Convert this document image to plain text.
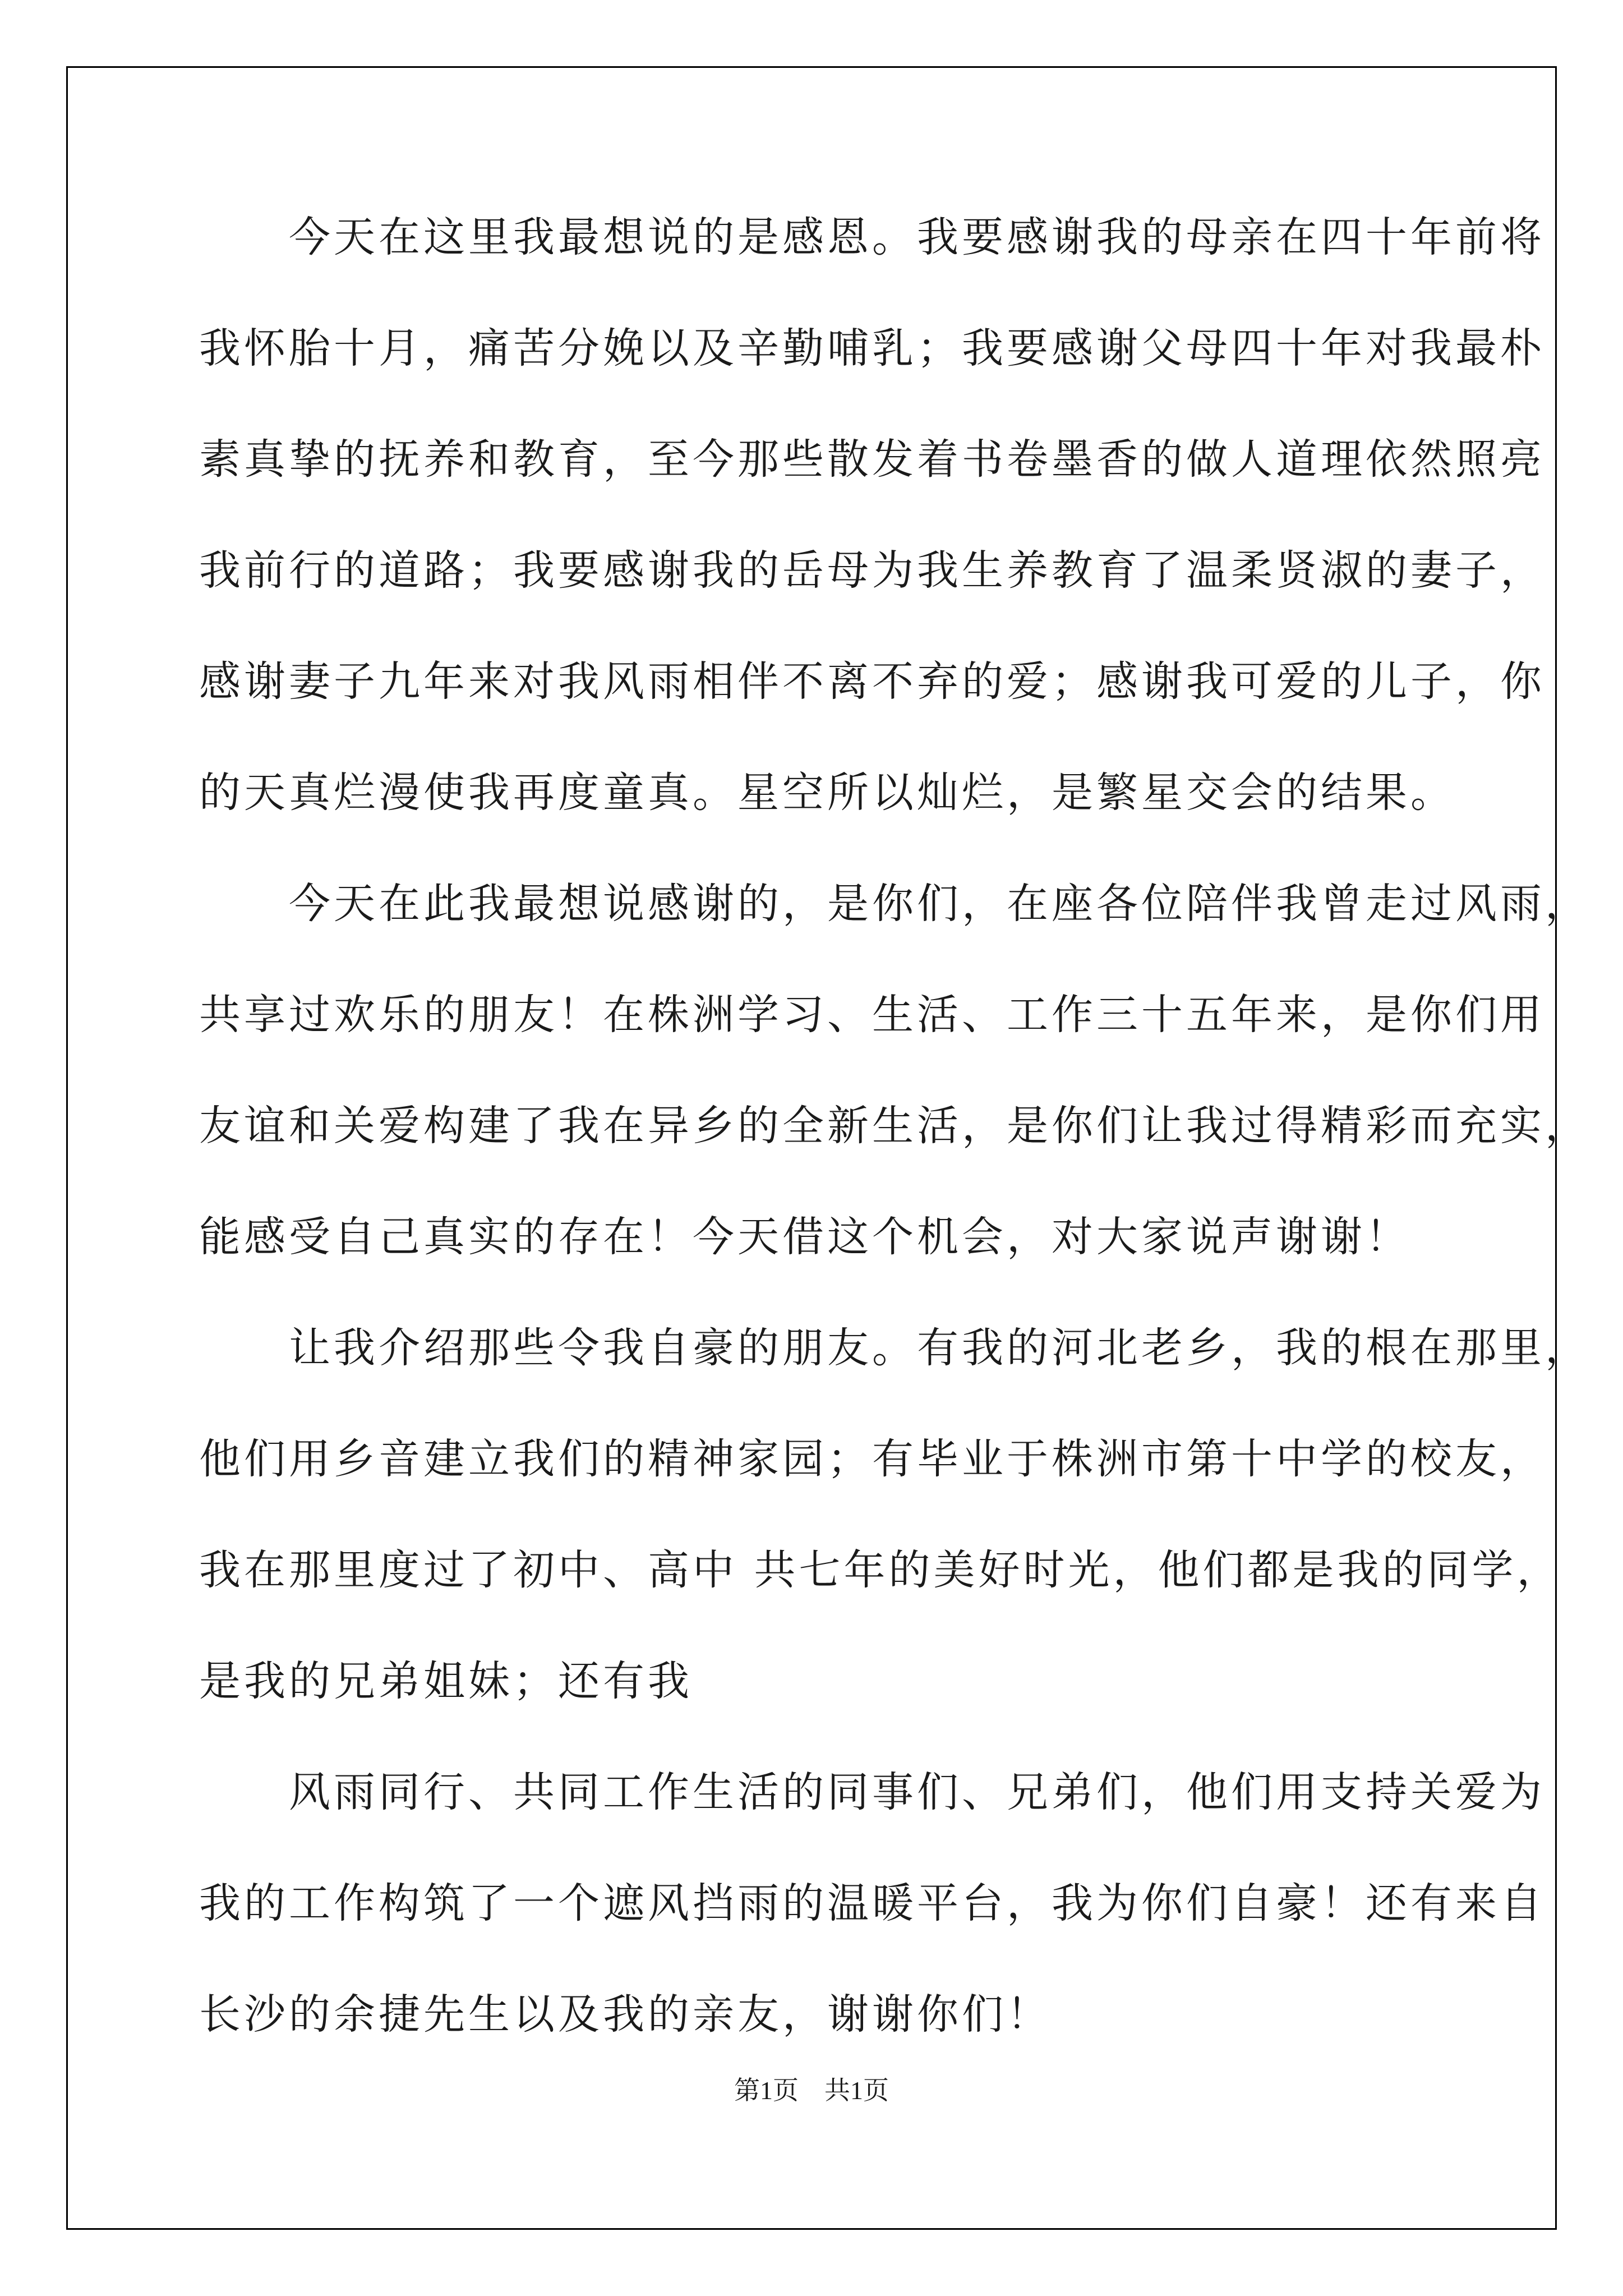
　　今天在这里我最想说的是感恩。我要感谢我的母亲在四十年前将
我怀胎十月，痛苦分娩以及辛勤哺乳；我要感谢父母四十年对我最朴
素真挚的抚养和教育，至今那些散发着书卷墨香的做人道理依然照亮
我前行的道路；我要感谢我的岳母为我生养教育了温柔贤淑的妻子，
感谢妻子九年来对我风雨相伴不离不弃的爱；感谢我可爱的儿子，你
的天真烂漫使我再度童真。星空所以灿烂，是繁星交会的结果。
　　今天在此我最想说感谢的，是你们，在座各位陪伴我曾走过风雨，
共享过欢乐的朋友！在株洲学习、生活、工作三十五年来，是你们用
友谊和关爱构建了我在异乡的全新生活，是你们让我过得精彩而充实，
能感受自己真实的存在！今天借这个机会，对大家说声谢谢！
　　让我介绍那些令我自豪的朋友。有我的河北老乡，我的根在那里，
他们用乡音建立我们的精神家园；有毕业于株洲市第十中学的校友，
我在那里度过了初中、高中 共七年的美好时光，他们都是我的同学，
是我的兄弟姐妹；还有我
　　风雨同行、共同工作生活的同事们、兄弟们，他们用支持关爱为
我的工作构筑了一个遮风挡雨的温暖平台，我为你们自豪！还有来自
长沙的余捷先生以及我的亲友，谢谢你们！
第1页　共1页
